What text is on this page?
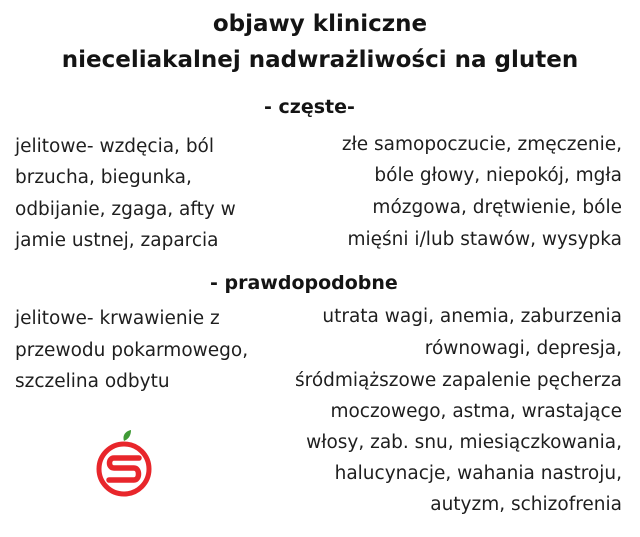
objawy kliniczne
nieceliakalnej nadwrażliwości na gluten
- częste-
jelitowe- wzdęcia, ból
brzucha, biegunka,
odbijanie, zgaga, afty w
jamie ustnej, zaparcia
złe samopoczucie, zmęczenie,
bóle głowy, niepokój, mgła
mózgowa, drętwienie, bóle
mięśni i/lub stawów, wysypka
- prawdopodobne
jelitowe- krwawienie z
przewodu pokarmowego,
szczelina odbytu
utrata wagi, anemia, zaburzenia
równowagi, depresja,
śródmiąższowe zapalenie pęcherza
moczowego, astma, wrastające
włosy, zab. snu, miesiączkowania,
halucynacje, wahania nastroju,
autyzm, schizofrenia
